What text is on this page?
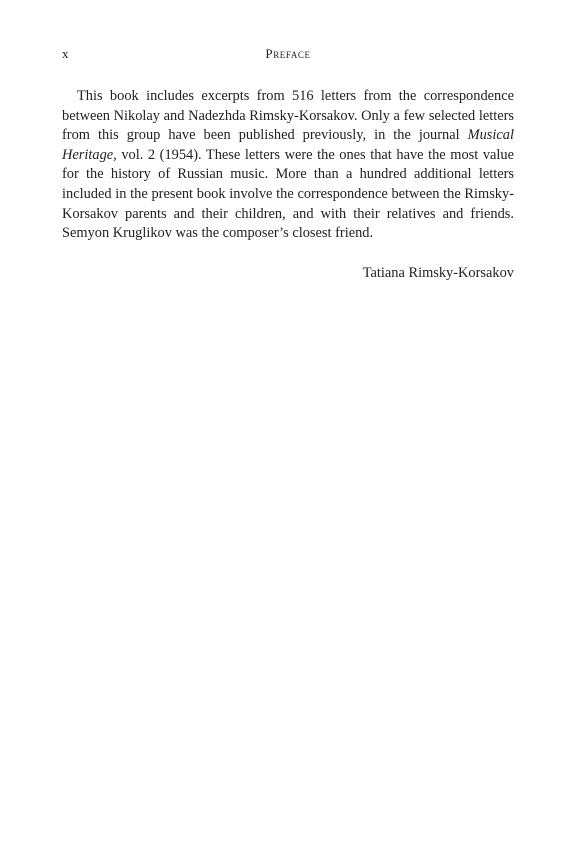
x	Preface

This book includes excerpts from 516 letters from the correspondence between Nikolay and Nadezhda Rimsky-Korsakov. Only a few selected letters from this group have been published previously, in the journal Musical Heritage, vol. 2 (1954). These letters were the ones that have the most value for the history of Russian music. More than a hundred additional letters included in the present book involve the correspondence between the Rimsky-Korsakov parents and their children, and with their relatives and friends. Semyon Kruglikov was the composer’s closest friend.

Tatiana Rimsky-Korsakov
